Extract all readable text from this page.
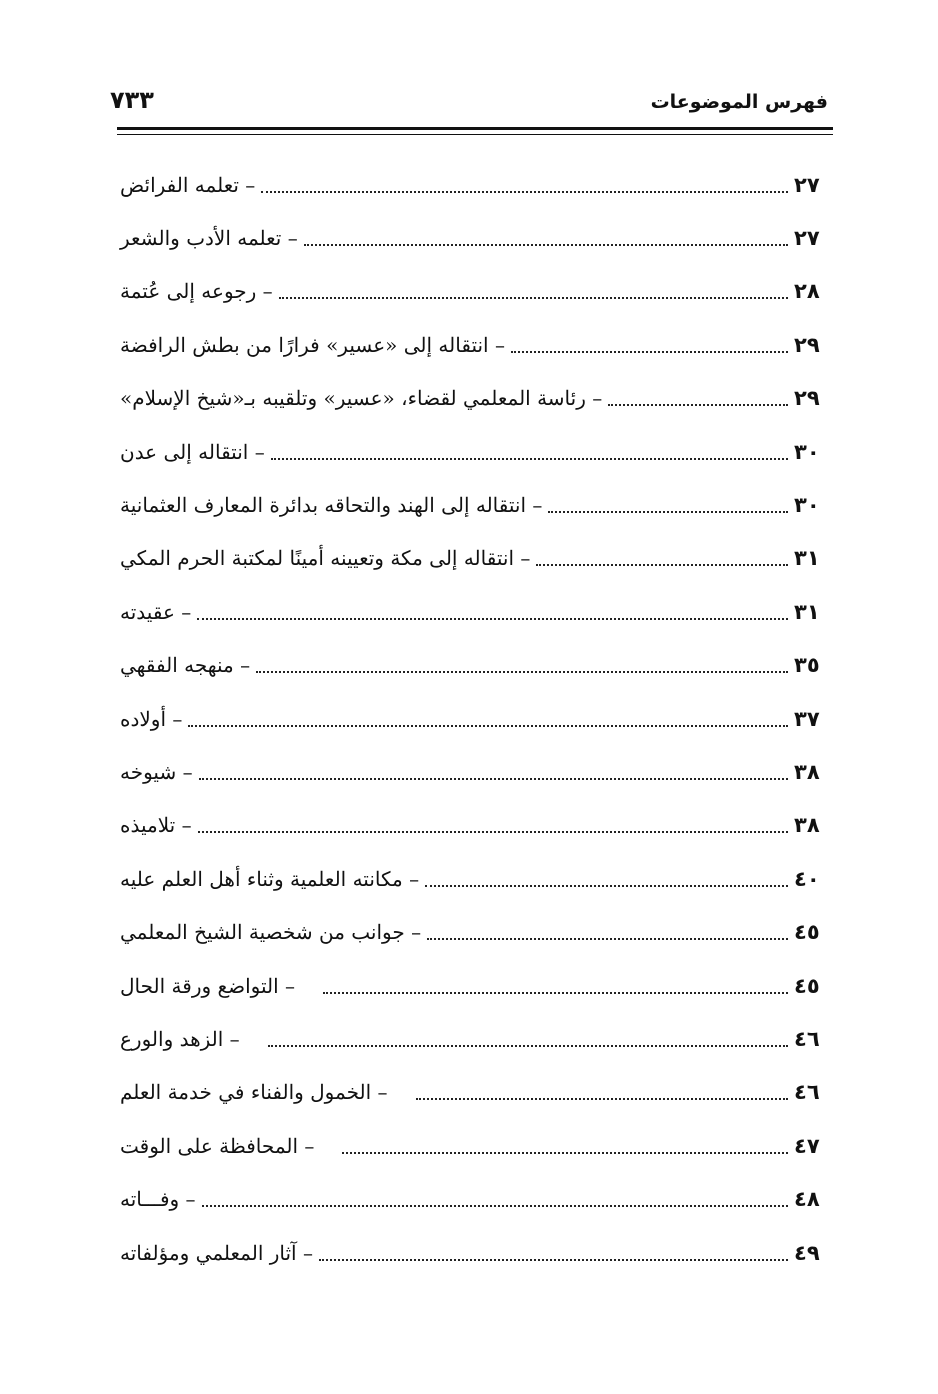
فهرس الموضوعات
٧٣٣
– تعلمه الفرائض	٢٧
– تعلمه الأدب والشعر	٢٧
– رجوعه إلى عُتمة	٢٨
– انتقاله إلى «عسير» فرارًا من بطش الرافضة	٢٩
– رئاسة المعلمي لقضاء، «عسير» وتلقيبه بـ«شيخ الإسلام»	٢٩
– انتقاله إلى عدن	٣٠
– انتقاله إلى الهند والتحاقه بدائرة المعارف العثمانية	٣٠
– انتقاله إلى مكة وتعيينه أمينًا لمكتبة الحرم المكي	٣١
– عقيدته	٣١
– منهجه الفقهي	٣٥
– أولاده	٣٧
– شيوخه	٣٨
– تلاميذه	٣٨
– مكانته العلمية وثناء أهل العلم عليه	٤٠
– جوانب من شخصية الشيخ المعلمي	٤٥
– التواضع ورقة الحال	٤٥
– الزهد والورع	٤٦
– الخمول والفناء في خدمة العلم	٤٦
– المحافظة على الوقت	٤٧
– وفـــاته	٤٨
– آثار المعلمي ومؤلفاته	٤٩
